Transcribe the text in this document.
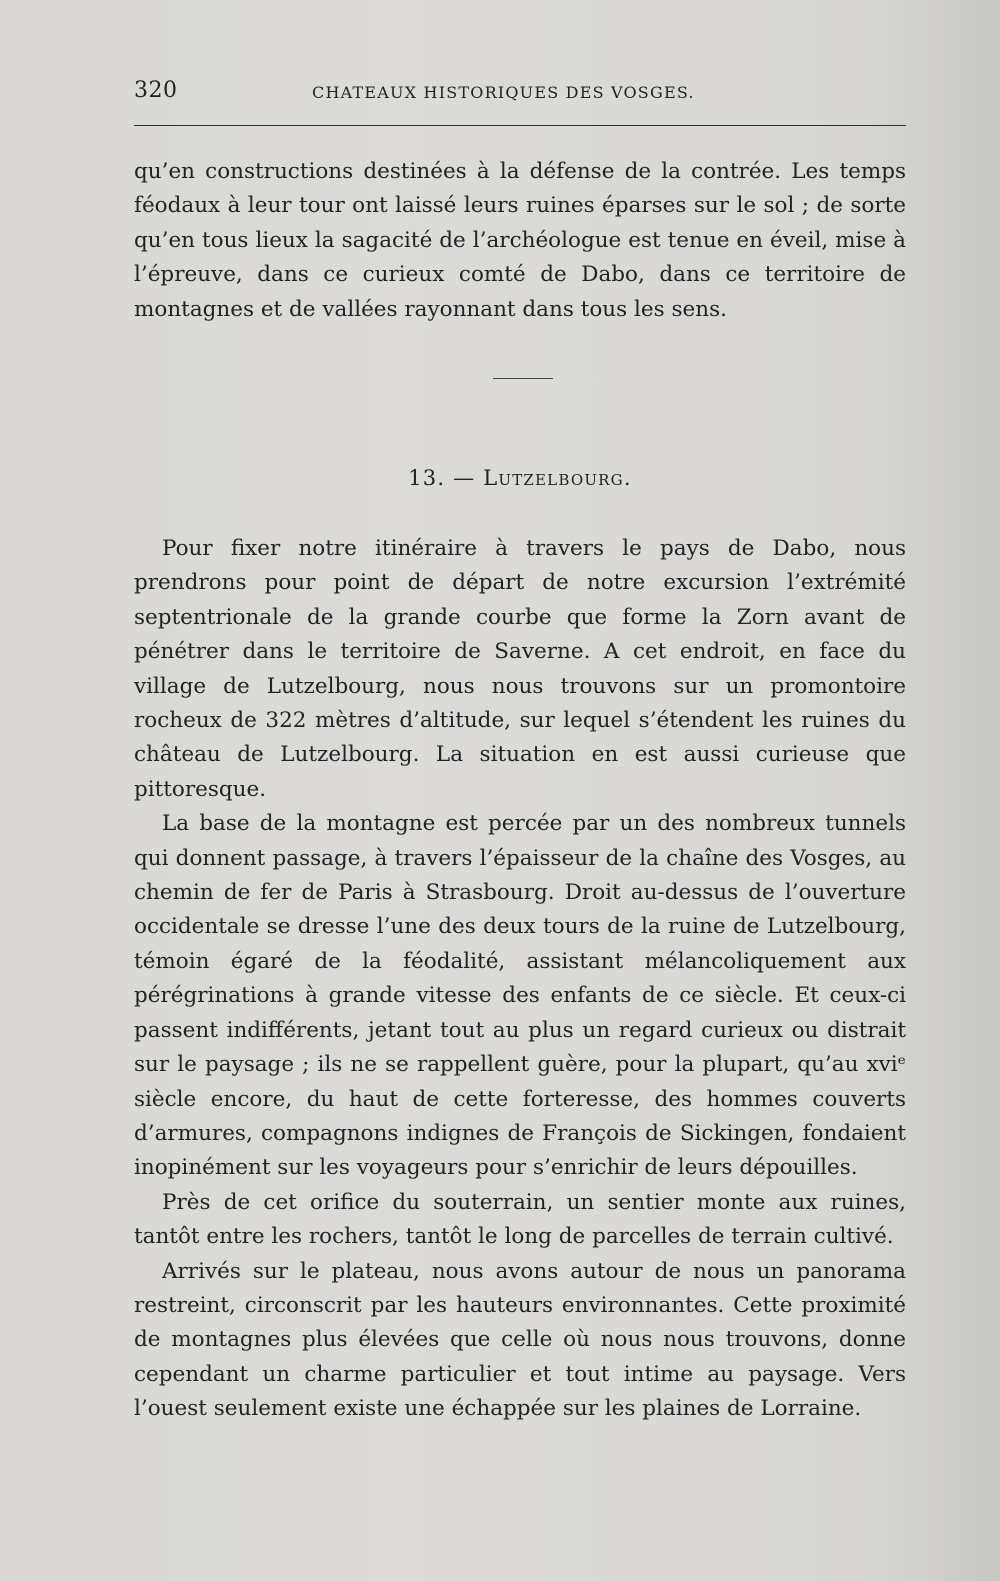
320	CHATEAUX HISTORIQUES DES VOSGES.

qu’en constructions destinées à la défense de la contrée. Les temps féodaux à leur tour ont laissé leurs ruines éparses sur le sol ; de sorte qu’en tous lieux la sagacité de l’archéologue est tenue en éveil, mise à l’épreuve, dans ce curieux comté de Dabo, dans ce territoire de montagnes et de vallées rayonnant dans tous les sens.

13. — Lutzelbourg.

Pour fixer notre itinéraire à travers le pays de Dabo, nous prendrons pour point de départ de notre excursion l’extrémité septentrionale de la grande courbe que forme la Zorn avant de pénétrer dans le territoire de Saverne. A cet endroit, en face du village de Lutzelbourg, nous nous trouvons sur un promontoire rocheux de 322 mètres d’altitude, sur lequel s’étendent les ruines du château de Lutzelbourg. La situation en est aussi curieuse que pittoresque.

La base de la montagne est percée par un des nombreux tunnels qui donnent passage, à travers l’épaisseur de la chaîne des Vosges, au chemin de fer de Paris à Strasbourg. Droit au-dessus de l’ouverture occidentale se dresse l’une des deux tours de la ruine de Lutzelbourg, témoin égaré de la féodalité, assistant mélancoliquement aux pérégrinations à grande vitesse des enfants de ce siècle. Et ceux-ci passent indifférents, jetant tout au plus un regard curieux ou distrait sur le paysage ; ils ne se rappellent guère, pour la plupart, qu’au xviᵉ siècle encore, du haut de cette forteresse, des hommes couverts d’armures, compagnons indignes de François de Sickingen, fondaient inopinément sur les voyageurs pour s’enrichir de leurs dépouilles.

Près de cet orifice du souterrain, un sentier monte aux ruines, tantôt entre les rochers, tantôt le long de parcelles de terrain cultivé.

Arrivés sur le plateau, nous avons autour de nous un panorama restreint, circonscrit par les hauteurs environnantes. Cette proximité de montagnes plus élevées que celle où nous nous trouvons, donne cependant un charme particulier et tout intime au paysage. Vers l’ouest seulement existe une échappée sur les plaines de Lorraine.
